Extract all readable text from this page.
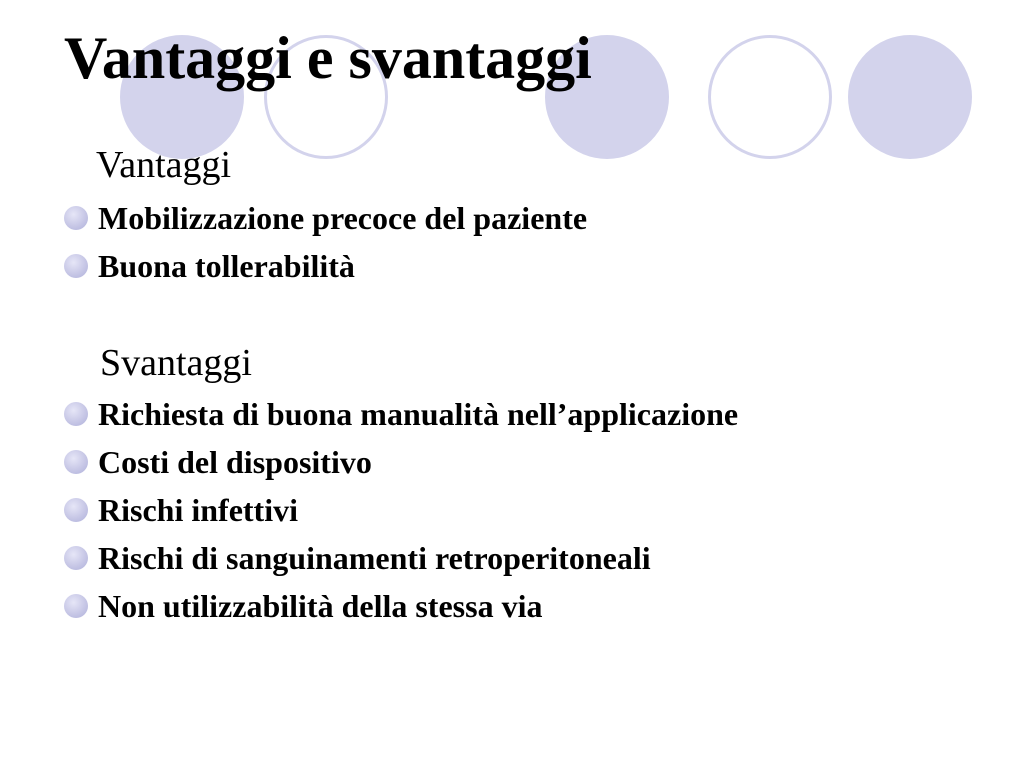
Vantaggi e svantaggi
Vantaggi
Mobilizzazione precoce del paziente
Buona tollerabilità
Svantaggi
Richiesta di buona manualità nell’applicazione
Costi del dispositivo
Rischi infettivi
Rischi di sanguinamenti retroperitoneali
Non utilizzabilità della stessa via
